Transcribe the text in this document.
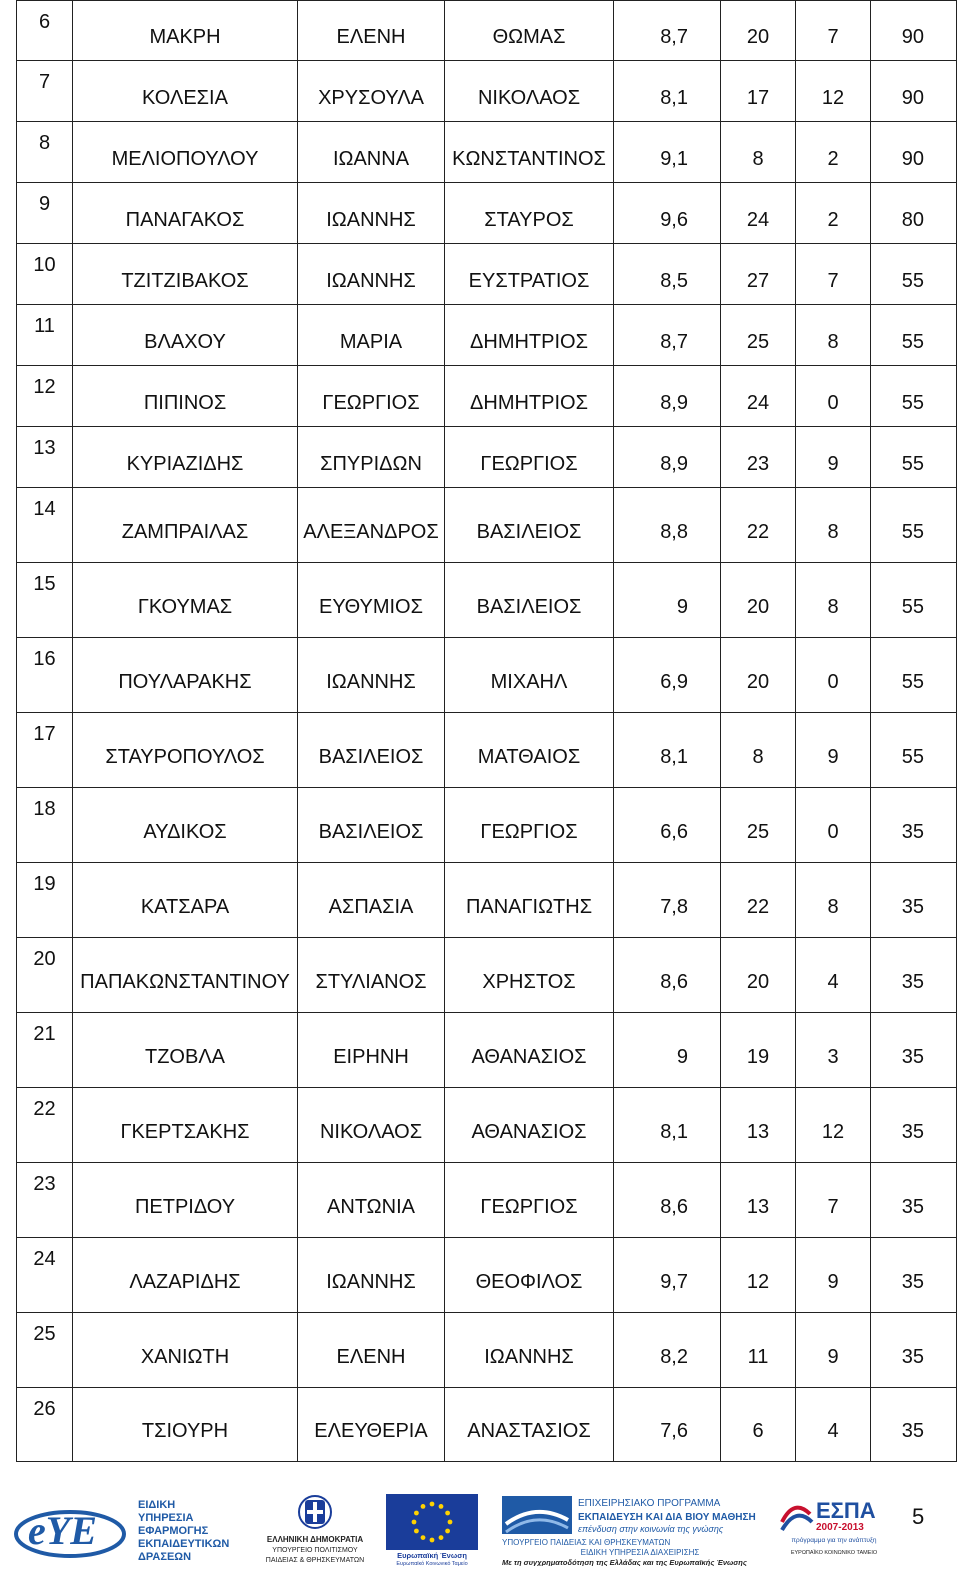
6	ΜΑΚΡΗ	ΕΛΕΝΗ	ΘΩΜΑΣ	8,7	20	7	90
7	ΚΟΛΕΣΙΑ	ΧΡΥΣΟΥΛΑ	ΝΙΚΟΛΑΟΣ	8,1	17	12	90
8	ΜΕΛΙΟΠΟΥΛΟΥ	ΙΩΑΝΝΑ	ΚΩΝΣΤΑΝΤΙΝΟΣ	9,1	8	2	90
9	ΠΑΝΑΓΑΚΟΣ	ΙΩΑΝΝΗΣ	ΣΤΑΥΡΟΣ	9,6	24	2	80
10	ΤΖΙΤΖΙΒΑΚΟΣ	ΙΩΑΝΝΗΣ	ΕΥΣΤΡΑΤΙΟΣ	8,5	27	7	55
11	ΒΛΑΧΟΥ	ΜΑΡΙΑ	ΔΗΜΗΤΡΙΟΣ	8,7	25	8	55
12	ΠΙΠΙΝΟΣ	ΓΕΩΡΓΙΟΣ	ΔΗΜΗΤΡΙΟΣ	8,9	24	0	55
13	ΚΥΡΙΑΖΙΔΗΣ	ΣΠΥΡΙΔΩΝ	ΓΕΩΡΓΙΟΣ	8,9	23	9	55
14	ΖΑΜΠΡΑΙΛΑΣ	ΑΛΕΞΑΝΔΡΟΣ	ΒΑΣΙΛΕΙΟΣ	8,8	22	8	55
15	ΓΚΟΥΜΑΣ	ΕΥΘΥΜΙΟΣ	ΒΑΣΙΛΕΙΟΣ	9	20	8	55
16	ΠΟΥΛΑΡΑΚΗΣ	ΙΩΑΝΝΗΣ	ΜΙΧΑΗΛ	6,9	20	0	55
17	ΣΤΑΥΡΟΠΟΥΛΟΣ	ΒΑΣΙΛΕΙΟΣ	ΜΑΤΘΑΙΟΣ	8,1	8	9	55
18	ΑΥΔΙΚΟΣ	ΒΑΣΙΛΕΙΟΣ	ΓΕΩΡΓΙΟΣ	6,6	25	0	35
19	ΚΑΤΣΑΡΑ	ΑΣΠΑΣΙΑ	ΠΑΝΑΓΙΩΤΗΣ	7,8	22	8	35
20	ΠΑΠΑΚΩΝΣΤΑΝΤΙΝΟΥ	ΣΤΥΛΙΑΝΟΣ	ΧΡΗΣΤΟΣ	8,6	20	4	35
21	ΤΖΟΒΛΑ	ΕΙΡΗΝΗ	ΑΘΑΝΑΣΙΟΣ	9	19	3	35
22	ΓΚΕΡΤΣΑΚΗΣ	ΝΙΚΟΛΑΟΣ	ΑΘΑΝΑΣΙΟΣ	8,1	13	12	35
23	ΠΕΤΡΙΔΟΥ	ΑΝΤΩΝΙΑ	ΓΕΩΡΓΙΟΣ	8,6	13	7	35
24	ΛΑΖΑΡΙΔΗΣ	ΙΩΑΝΝΗΣ	ΘΕΟΦΙΛΟΣ	9,7	12	9	35
25	ΧΑΝΙΩΤΗ	ΕΛΕΝΗ	ΙΩΑΝΝΗΣ	8,2	11	9	35
26	ΤΣΙΟΥΡΗ	ΕΛΕΥΘΕΡΙΑ	ΑΝΑΣΤΑΣΙΟΣ	7,6	6	4	35
eYE
ΕΙΔΙΚΗ
ΥΠΗΡΕΣΙΑ
ΕΦΑΡΜΟΓΗΣ
ΕΚΠΑΙΔΕΥΤΙΚΩΝ
ΔΡΑΣΕΩΝ
ΕΛΛΗΝΙΚΗ ΔΗΜΟΚΡΑΤΙΑ
ΥΠΟΥΡΓΕΙΟ ΠΟΛΙΤΙΣΜΟΥ
ΠΑΙΔΕΙΑΣ & ΘΡΗΣΚΕΥΜΑΤΩΝ
Ευρωπαϊκή Ένωση
Ευρωπαϊκό Κοινωνικό Ταμείο
ΕΠΙΧΕΙΡΗΣΙΑΚΟ ΠΡΟΓΡΑΜΜΑ
ΕΚΠΑΙΔΕΥΣΗ ΚΑΙ ΔΙΑ ΒΙΟΥ ΜΑΘΗΣΗ
επένδυση στην κοινωνία της γνώσης
ΥΠΟΥΡΓΕΙΟ ΠΑΙΔΕΙΑΣ ΚΑΙ ΘΡΗΣΚΕΥΜΑΤΩΝ
ΕΙΔΙΚΗ ΥΠΗΡΕΣΙΑ ΔΙΑΧΕΙΡΙΣΗΣ
Με τη συγχρηματοδότηση της Ελλάδας και της Ευρωπαϊκής Ένωσης
ΕΣΠΑ
2007-2013
πρόγραμμα για την ανάπτυξη
ΕΥΡΩΠΑΪΚΟ ΚΟΙΝΩΝΙΚΟ ΤΑΜΕΙΟ
5
